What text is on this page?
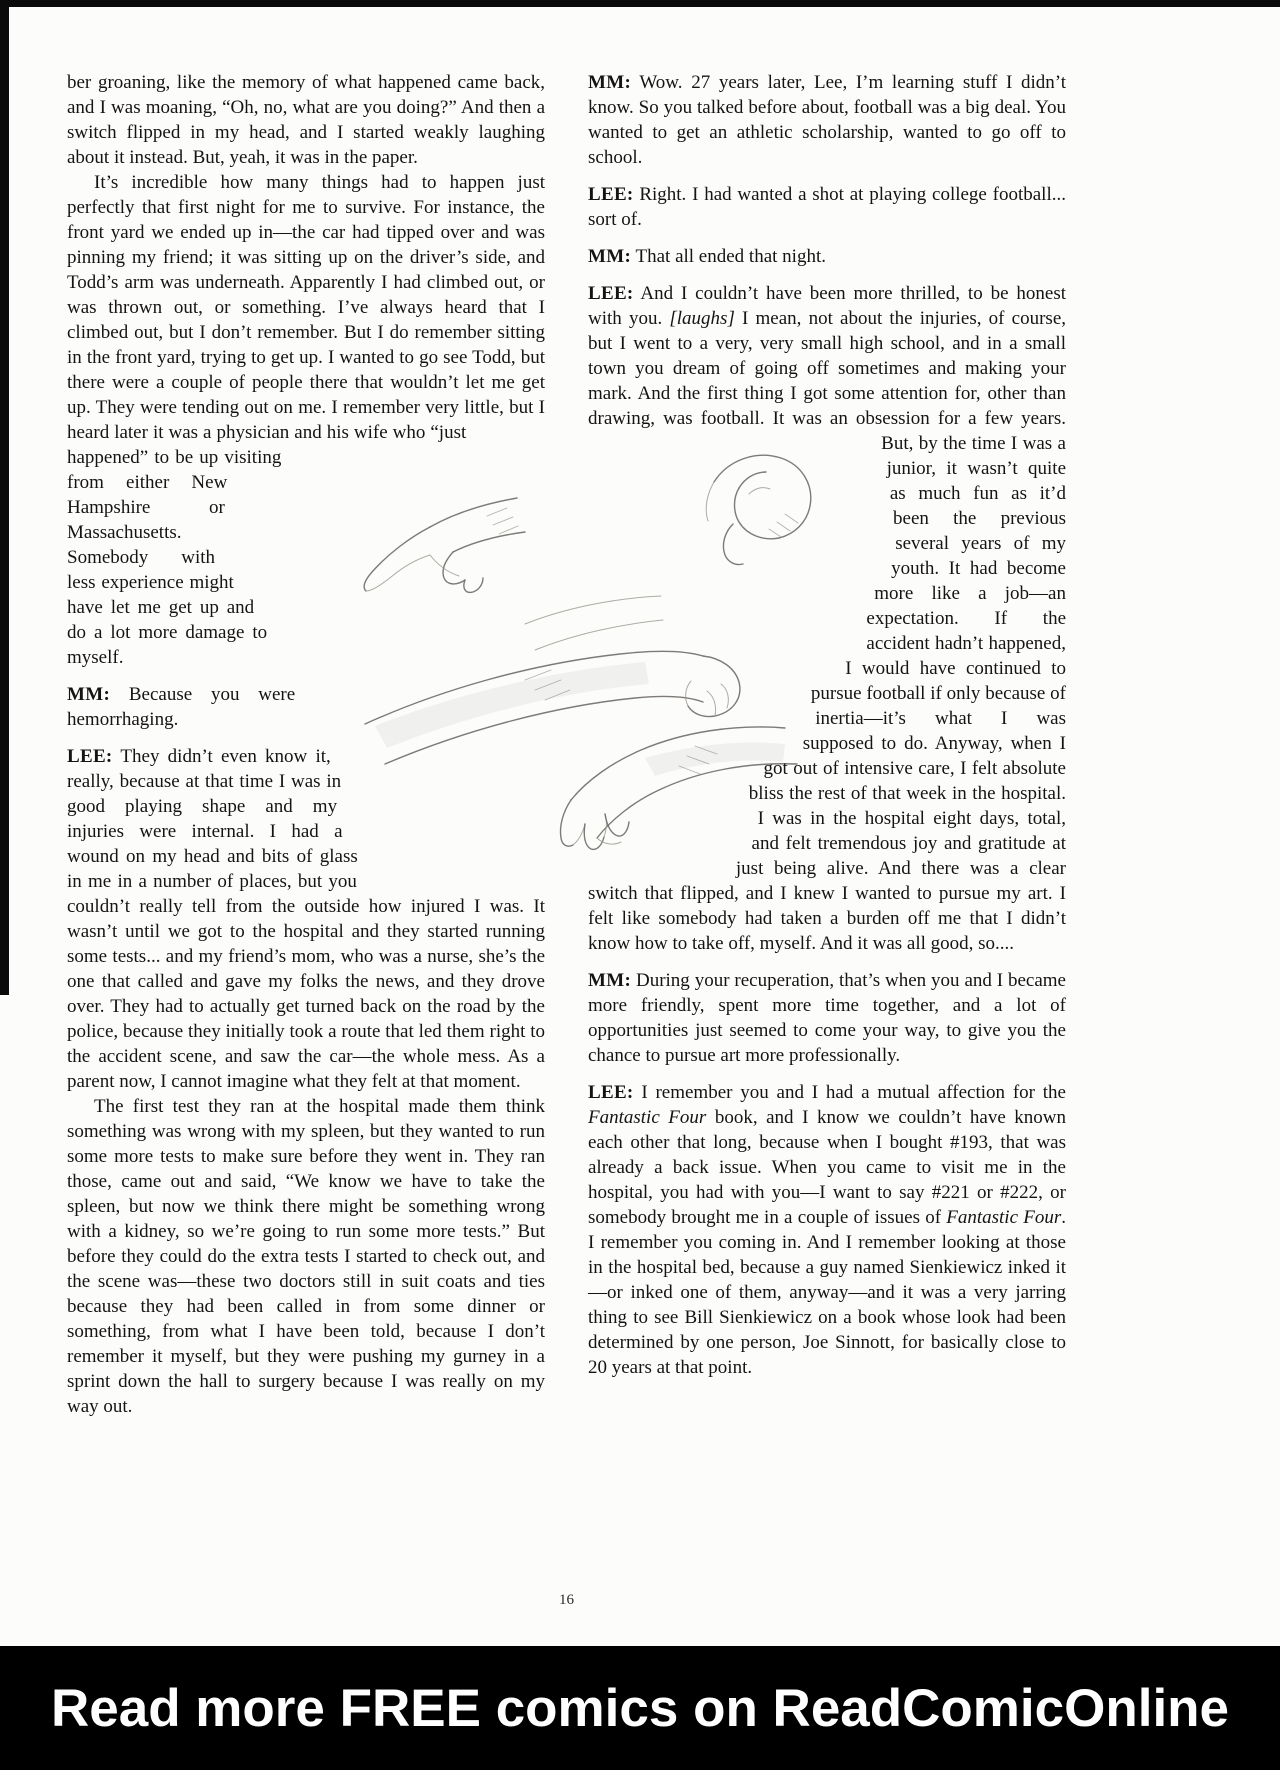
ber groaning, like the memory of what happened came back, and I was moaning, “Oh, no, what are you doing?” And then a switch flipped in my head, and I started weakly laughing about it instead. But, yeah, it was in the paper.

It’s incredible how many things had to happen just perfectly that first night for me to survive. For instance, the front yard we ended up in—the car had tipped over and was pinning my friend; it was sitting up on the driver’s side, and Todd’s arm was underneath. Apparently I had climbed out, or was thrown out, or something. I’ve always heard that I climbed out, but I don’t remember. But I do remember sitting in the front yard, trying to get up. I wanted to go see Todd, but there were a couple of people there that wouldn’t let me get up. They were tending out on me. I remember very little, but I heard later it was a physician and his wife who “just happened” to be up visiting from either New Hampshire or Massachusetts. Somebody with less experience might have let me get up and do a lot more damage to myself.

MM: Because you were hemorrhaging.

LEE: They didn’t even know it, really, because at that time I was in good playing shape and my injuries were internal. I had a wound on my head and bits of glass in me in a number of places, but you couldn’t really tell from the outside how injured I was. It wasn’t until we got to the hospital and they started running some tests... and my friend’s mom, who was a nurse, she’s the one that called and gave my folks the news, and they drove over. They had to actually get turned back on the road by the police, because they initially took a route that led them right to the accident scene, and saw the car—the whole mess. As a parent now, I cannot imagine what they felt at that moment.

The first test they ran at the hospital made them think something was wrong with my spleen, but they wanted to run some more tests to make sure before they went in. They ran those, came out and said, “We know we have to take the spleen, but now we think there might be something wrong with a kidney, so we’re going to run some more tests.” But before they could do the extra tests I started to check out, and the scene was—these two doctors still in suit coats and ties because they had been called in from some dinner or something, from what I have been told, because I don’t remember it myself, but they were pushing my gurney in a sprint down the hall to surgery because I was really on my way out.

MM: Wow. 27 years later, Lee, I’m learning stuff I didn’t know. So you talked before about, football was a big deal. You wanted to get an athletic scholarship, wanted to go off to school.

LEE: Right. I had wanted a shot at playing college football... sort of.

MM: That all ended that night.

LEE: And I couldn’t have been more thrilled, to be honest with you. [laughs] I mean, not about the injuries, of course, but I went to a very, very small high school, and in a small town you dream of going off sometimes and making your mark. And the first thing I got some attention for, other than drawing, was football. It was an obsession for a few years. But, by the time I was a junior, it wasn’t quite as much fun as it’d been the previous several years of my youth. It had become more like a job—an expectation. If the accident hadn’t happened, I would have continued to pursue football if only because of inertia—it’s what I was supposed to do. Anyway, when I got out of intensive care, I felt absolute bliss the rest of that week in the hospital. I was in the hospital eight days, total, and felt tremendous joy and gratitude at just being alive. And there was a clear switch that flipped, and I knew I wanted to pursue my art. I felt like somebody had taken a burden off me that I didn’t know how to take off, myself. And it was all good, so....

MM: During your recuperation, that’s when you and I became more friendly, spent more time together, and a lot of opportunities just seemed to come your way, to give you the chance to pursue art more professionally.

LEE: I remember you and I had a mutual affection for the Fantastic Four book, and I know we couldn’t have known each other that long, because when I bought #193, that was already a back issue. When you came to visit me in the hospital, you had with you—I want to say #221 or #222, or somebody brought me in a couple of issues of Fantastic Four. I remember you coming in. And I remember looking at those in the hospital bed, because a guy named Sienkiewicz inked it—or inked one of them, anyway—and it was a very jarring thing to see Bill Sienkiewicz on a book whose look had been determined by one person, Joe Sinnott, for basically close to 20 years at that point.

16
Read more FREE comics on ReadComicOnline
